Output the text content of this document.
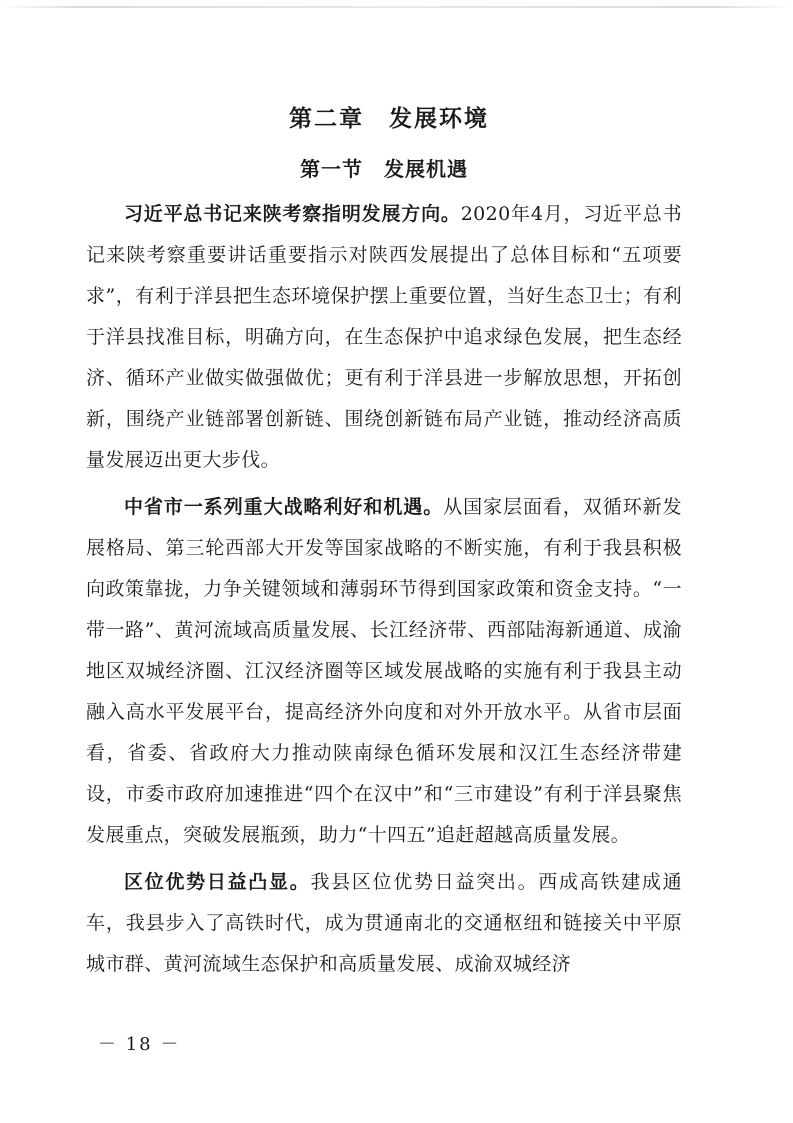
第二章　发展环境
第一节　发展机遇

习近平总书记来陕考察指明发展方向。2020年4月，习近平总书记来陕考察重要讲话重要指示对陕西发展提出了总体目标和“五项要求”，有利于洋县把生态环境保护摆上重要位置，当好生态卫士；有利于洋县找准目标，明确方向，在生态保护中追求绿色发展，把生态经济、循环产业做实做强做优；更有利于洋县进一步解放思想，开拓创新，围绕产业链部署创新链、围绕创新链布局产业链，推动经济高质量发展迈出更大步伐。

中省市一系列重大战略利好和机遇。从国家层面看，双循环新发展格局、第三轮西部大开发等国家战略的不断实施，有利于我县积极向政策靠拢，力争关键领域和薄弱环节得到国家政策和资金支持。“一带一路”、黄河流域高质量发展、长江经济带、西部陆海新通道、成渝地区双城经济圈、江汉经济圈等区域发展战略的实施有利于我县主动融入高水平发展平台，提高经济外向度和对外开放水平。从省市层面看，省委、省政府大力推动陕南绿色循环发展和汉江生态经济带建设，市委市政府加速推进“四个在汉中”和“三市建设”有利于洋县聚焦发展重点，突破发展瓶颈，助力“十四五”追赶超越高质量发展。

区位优势日益凸显。我县区位优势日益突出。西成高铁建成通车，我县步入了高铁时代，成为贯通南北的交通枢纽和链接关中平原城市群、黄河流域生态保护和高质量发展、成渝双城经济

－ 18 －
